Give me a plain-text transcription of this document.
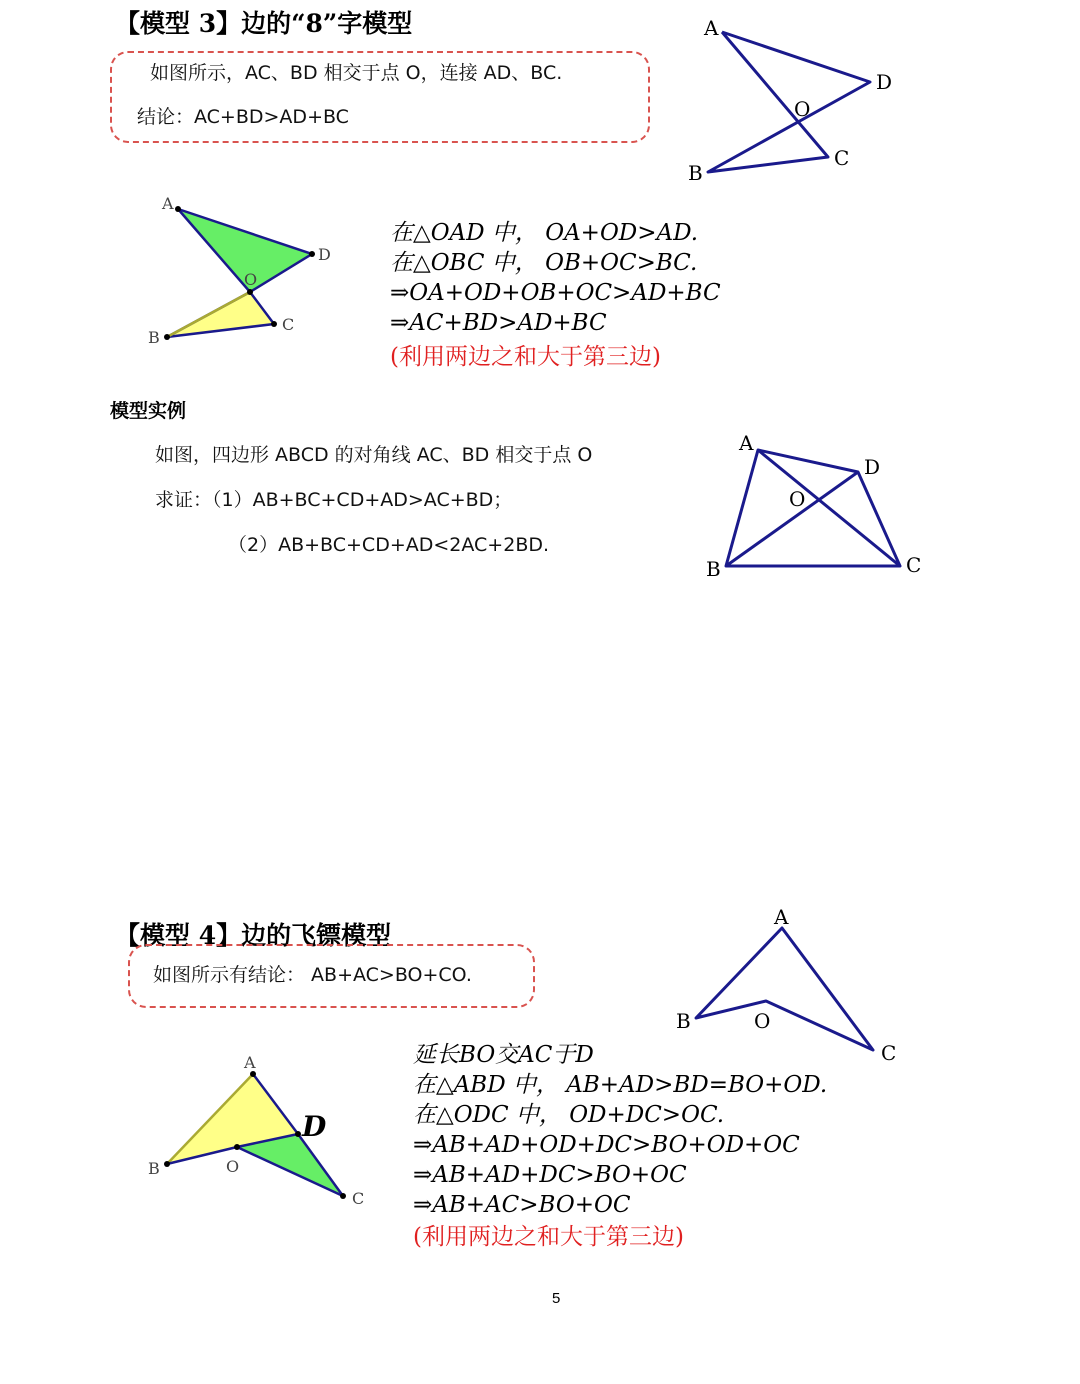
【模型 3】边的“8”字模型
如图所示，AC、BD 相交于点 O，连接 AD、BC.
结论：AC+BD>AD+BC
A
D
O
B
C
A
D
O
C
B
在△OAD 中， OA+OD>AD.
在△OBC 中， OB+OC>BC.
⇒OA+OD+OB+OC>AD+BC
⇒AC+BD>AD+BC
(利用两边之和大于第三边)
模型实例
如图，四边形 ABCD 的对角线 AC、BD 相交于点 O
求证：（1）AB+BC+CD+AD>AC+BD；
（2）AB+BC+CD+AD<2AC+2BD.
A
D
O
B	C
【模型 4】边的飞镖模型
如图所示有结论： AB+AC>BO+CO.
A
B	O
C
A
B	O
C
D
延长BO交AC于D
在△ABD 中， AB+AD>BD=BO+OD.
在△ODC 中， OD+DC>OC.
⇒AB+AD+OD+DC>BO+OD+OC
⇒AB+AD+DC>BO+OC
⇒AB+AC>BO+OC
(利用两边之和大于第三边)
5
